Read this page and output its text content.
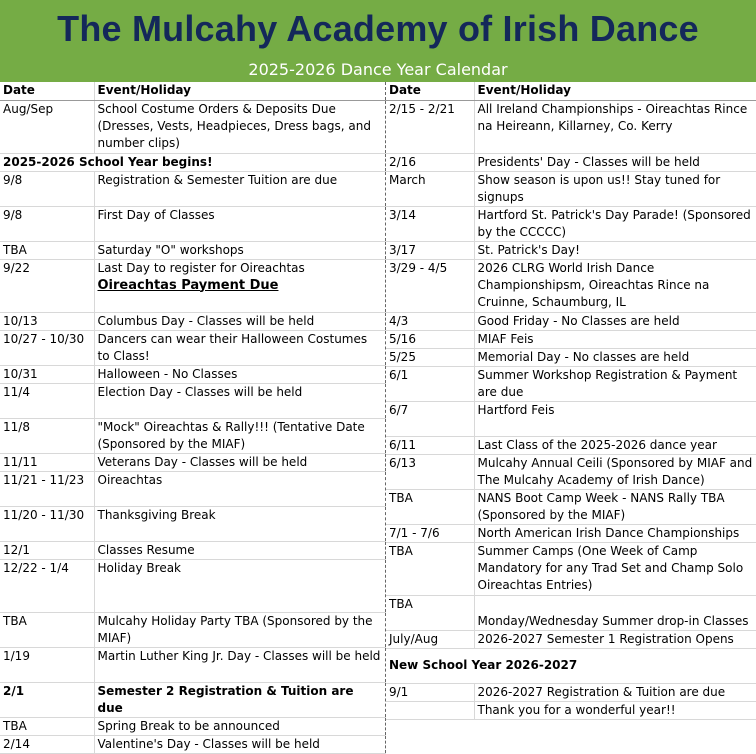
The Mulcahy Academy of Irish Dance
2025-2026 Dance Year Calendar
Date	Event/Holiday
Aug/Sep	School Costume Orders & Deposits Due (Dresses, Vests, Headpieces, Dress bags, and number clips)
2025-2026 School Year begins!	
9/8	Registration & Semester Tuition are due
9/8	First Day of Classes
TBA	Saturday "O" workshops
9/22	Last Day to register for Oireachtas Oireachtas Payment Due
10/13	Columbus Day - Classes will be held
10/27 - 10/30	Dancers can wear their Halloween Costumes to Class!
10/31	Halloween - No Classes
11/4	Election Day - Classes will be held
11/8	"Mock" Oireachtas & Rally!!! (Tentative Date (Sponsored by the MIAF)
11/11	Veterans Day - Classes will be held
11/21 - 11/23	Oireachtas
11/20 - 11/30	Thanksgiving Break
12/1	Classes Resume
12/22 - 1/4	Holiday Break
TBA	Mulcahy Holiday Party TBA (Sponsored by the MIAF)
1/19	Martin Luther King Jr. Day - Classes will be held
2/1	Semester 2 Registration & Tuition are due
TBA	Spring Break to be announced
2/14	Valentine's Day - Classes will be held
Date	Event/Holiday
2/15 - 2/21	All Ireland Championships - Oireachtas Rince na Heireann, Killarney, Co. Kerry
2/16	Presidents' Day - Classes will be held
March	Show season is upon us!! Stay tuned for signups
3/14	Hartford St. Patrick's Day Parade! (Sponsored by the CCCCC)
3/17	St. Patrick's Day!
3/29 - 4/5	2026 CLRG World Irish Dance Championshipsm, Oireachtas Rince na Cruinne, Schaumburg, IL
4/3	Good Friday - No Classes are held
5/16	MIAF Feis
5/25	Memorial Day - No classes are held
6/1	Summer Workshop Registration & Payment are due
6/7	Hartford Feis
6/11	Last Class of the 2025-2026 dance year
6/13	Mulcahy Annual Ceili (Sponsored by MIAF and The Mulcahy Academy of Irish Dance)
TBA	NANS Boot Camp Week - NANS Rally TBA (Sponsored by the MIAF)
7/1 - 7/6	North American Irish Dance Championships
TBA	Summer Camps (One Week of Camp Mandatory for any Trad Set and Champ Solo Oireachtas Entries)
TBA	Monday/Wednesday Summer drop-in Classes
July/Aug	2026-2027 Semester 1 Registration Opens
New School Year 2026-2027	
9/1	2026-2027 Registration & Tuition are due
	Thank you for a wonderful year!!
